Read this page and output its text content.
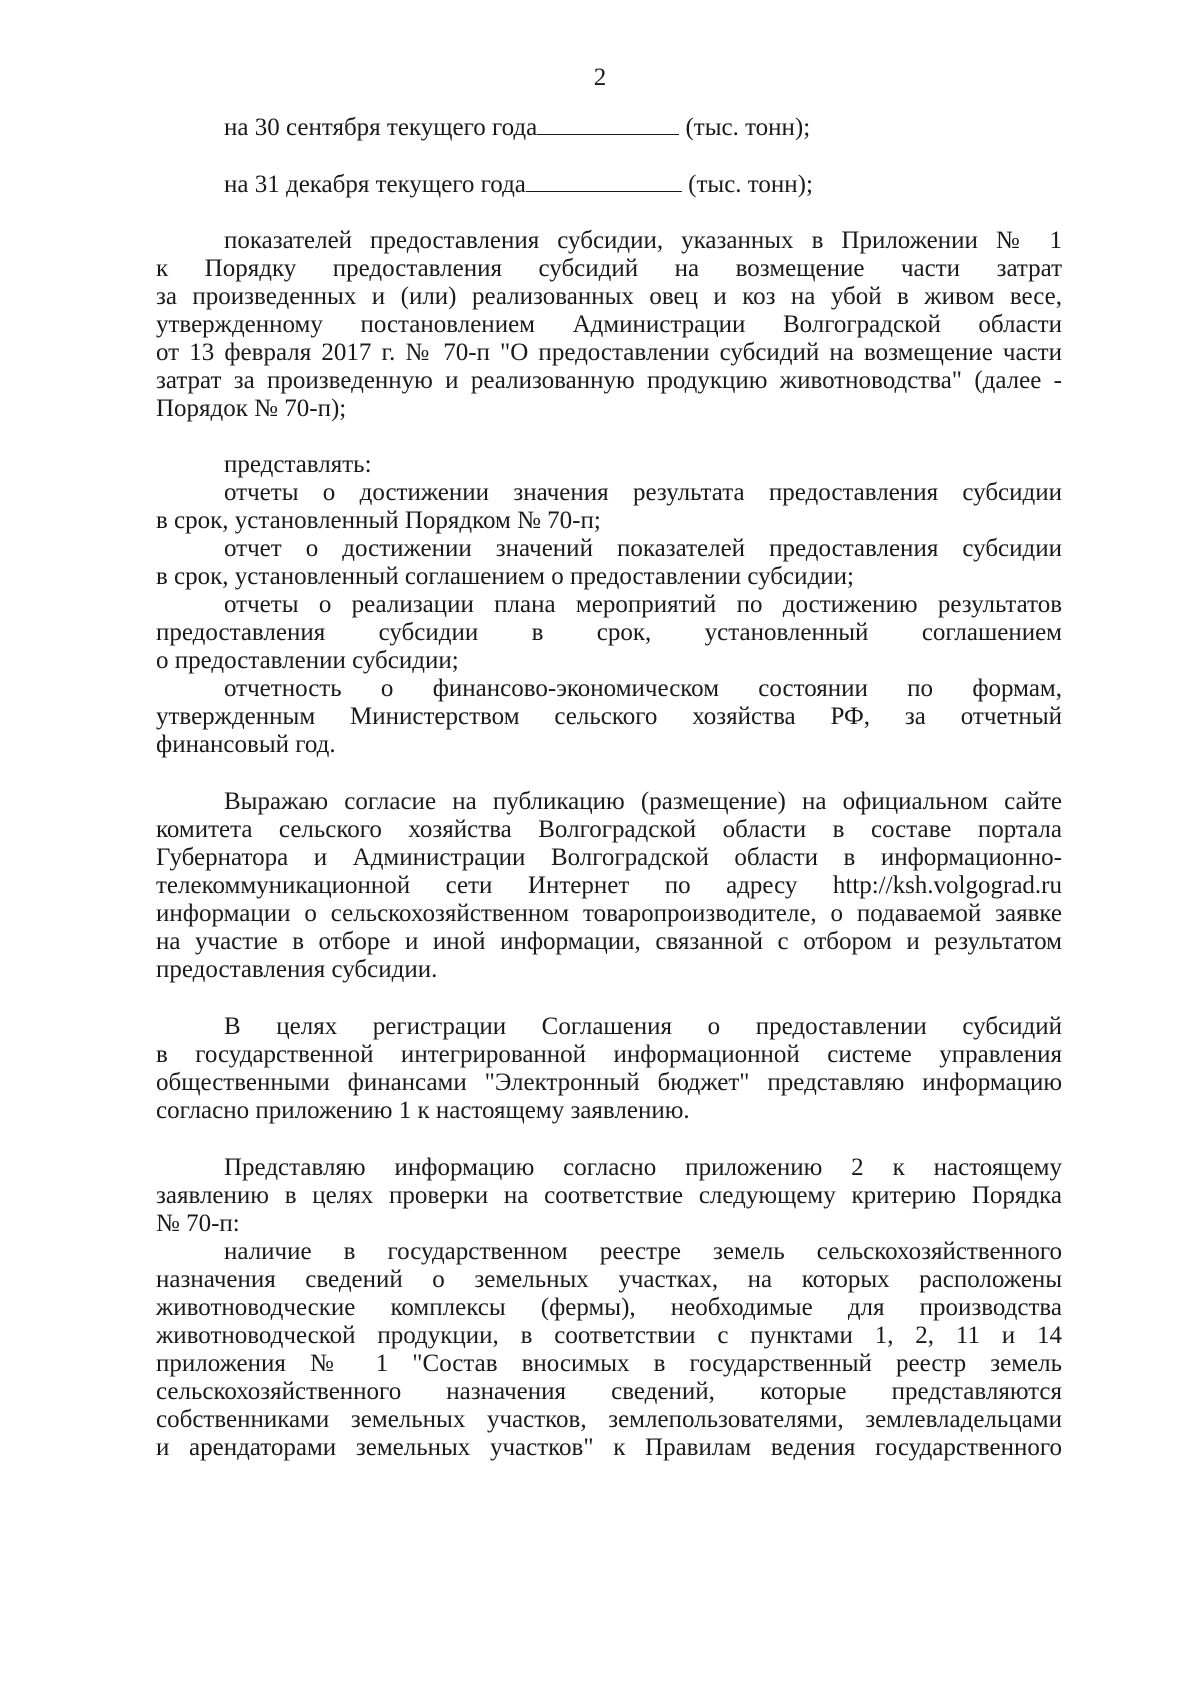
2
на 30 сентября текущего года	(тыс. тонн);
на 31 декабря текущего года	(тыс. тонн);
показателей предоставления субсидии, указанных в Приложении № 1
к Порядку предоставления субсидий на возмещение части затрат
за произведенных и (или) реализованных овец и коз на убой в живом весе,
утвержденному постановлением Администрации Волгоградской области
от 13 февраля 2017 г. № 70-п "О предоставлении субсидий на возмещение части
затрат за произведенную и реализованную продукцию животноводства" (далее -
Порядок № 70-п);
представлять:
отчеты о достижении значения результата предоставления субсидии
в срок, установленный Порядком № 70-п;
отчет о достижении значений показателей предоставления субсидии
в срок, установленный соглашением о предоставлении субсидии;
отчеты о реализации плана мероприятий по достижению результатов
предоставления субсидии в срок, установленный соглашением
о предоставлении субсидии;
отчетность о финансово-экономическом состоянии по формам,
утвержденным Министерством сельского хозяйства РФ, за отчетный
финансовый год.
Выражаю согласие на публикацию (размещение) на официальном сайте
комитета сельского хозяйства Волгоградской области в составе портала
Губернатора и Администрации Волгоградской области в информационно-
телекоммуникационной сети Интернет по адресу http://ksh.volgograd.ru
информации о сельскохозяйственном товаропроизводителе, о подаваемой заявке
на участие в отборе и иной информации, связанной с отбором и результатом
предоставления субсидии.
В целях регистрации Соглашения о предоставлении субсидий
в государственной интегрированной информационной системе управления
общественными финансами "Электронный бюджет" представляю информацию
согласно приложению 1 к настоящему заявлению.
Представляю информацию согласно приложению 2 к настоящему
заявлению в целях проверки на соответствие следующему критерию Порядка
№ 70-п:
наличие в государственном реестре земель сельскохозяйственного
назначения сведений о земельных участках, на которых расположены
животноводческие комплексы (фермы), необходимые для производства
животноводческой продукции, в соответствии с пунктами 1, 2, 11 и 14
приложения № 1 "Состав вносимых в государственный реестр земель
сельскохозяйственного назначения сведений, которые представляются
собственниками земельных участков, землепользователями, землевладельцами
и арендаторами земельных участков" к Правилам ведения государственного
